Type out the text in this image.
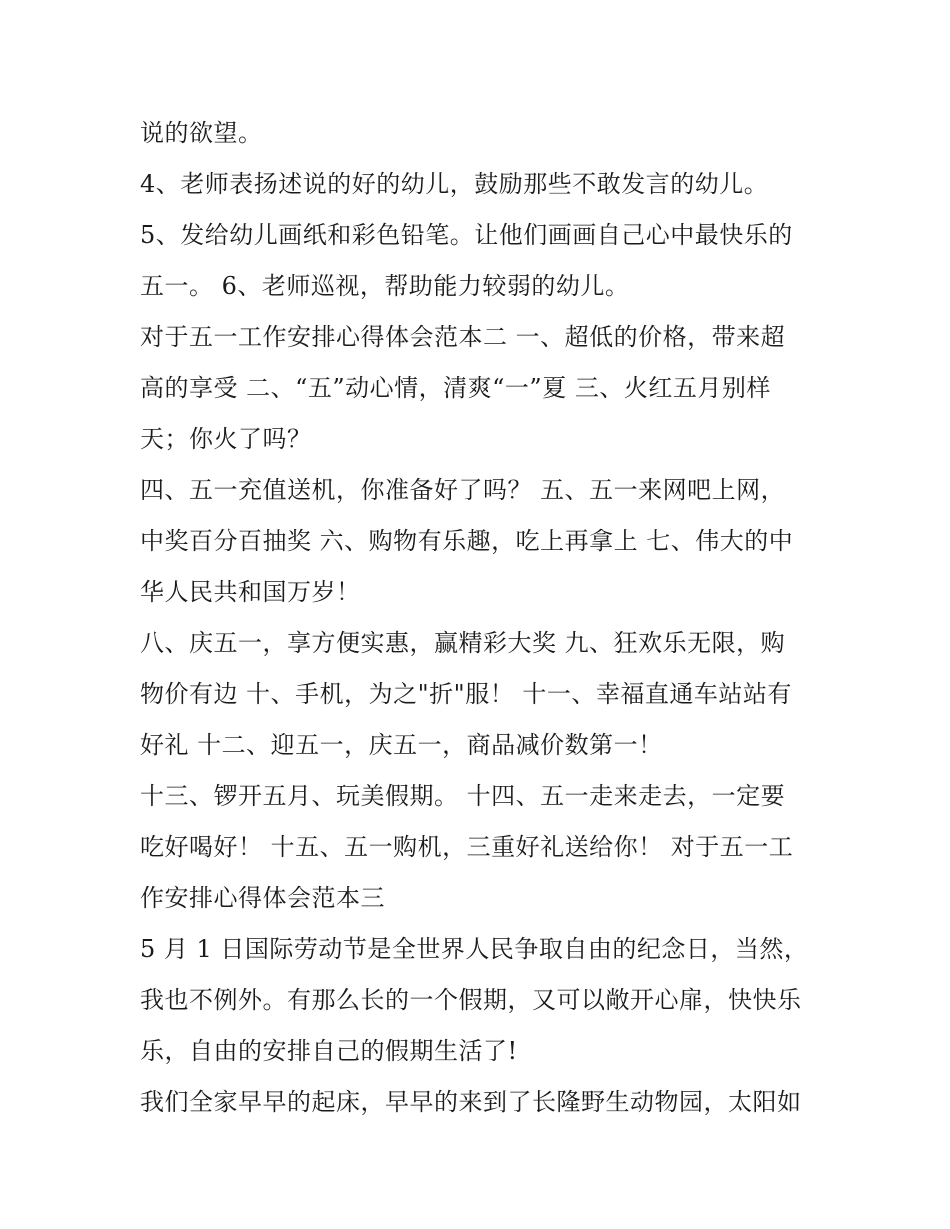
说的欲望。
4、老师表扬述说的好的幼儿，鼓励那些不敢发言的幼儿。
5、发给幼儿画纸和彩色铅笔。让他们画画自己心中最快乐的
五一。 6、老师巡视，帮助能力较弱的幼儿。
对于五一工作安排心得体会范本二 一、超低的价格，带来超
高的享受 二、“五”动心情，清爽“一”夏 三、火红五月别样
天；你火了吗？
四、五一充值送机，你准备好了吗？ 五、五一来网吧上网，
中奖百分百抽奖 六、购物有乐趣，吃上再拿上 七、伟大的中
华人民共和国万岁！
八、庆五一，享方便实惠，赢精彩大奖 九、狂欢乐无限，购
物价有边 十、手机，为之"折"服！ 十一、幸福直通车站站有
好礼 十二、迎五一，庆五一，商品减价数第一！
十三、锣开五月、玩美假期。 十四、五一走来走去，一定要
吃好喝好！ 十五、五一购机，三重好礼送给你！ 对于五一工
作安排心得体会范本三
5 月 1 日国际劳动节是全世界人民争取自由的纪念日，当然，
我也不例外。有那么长的一个假期，又可以敞开心扉，快快乐
乐，自由的安排自己的假期生活了!
我们全家早早的起床，早早的来到了长隆野生动物园，太阳如
